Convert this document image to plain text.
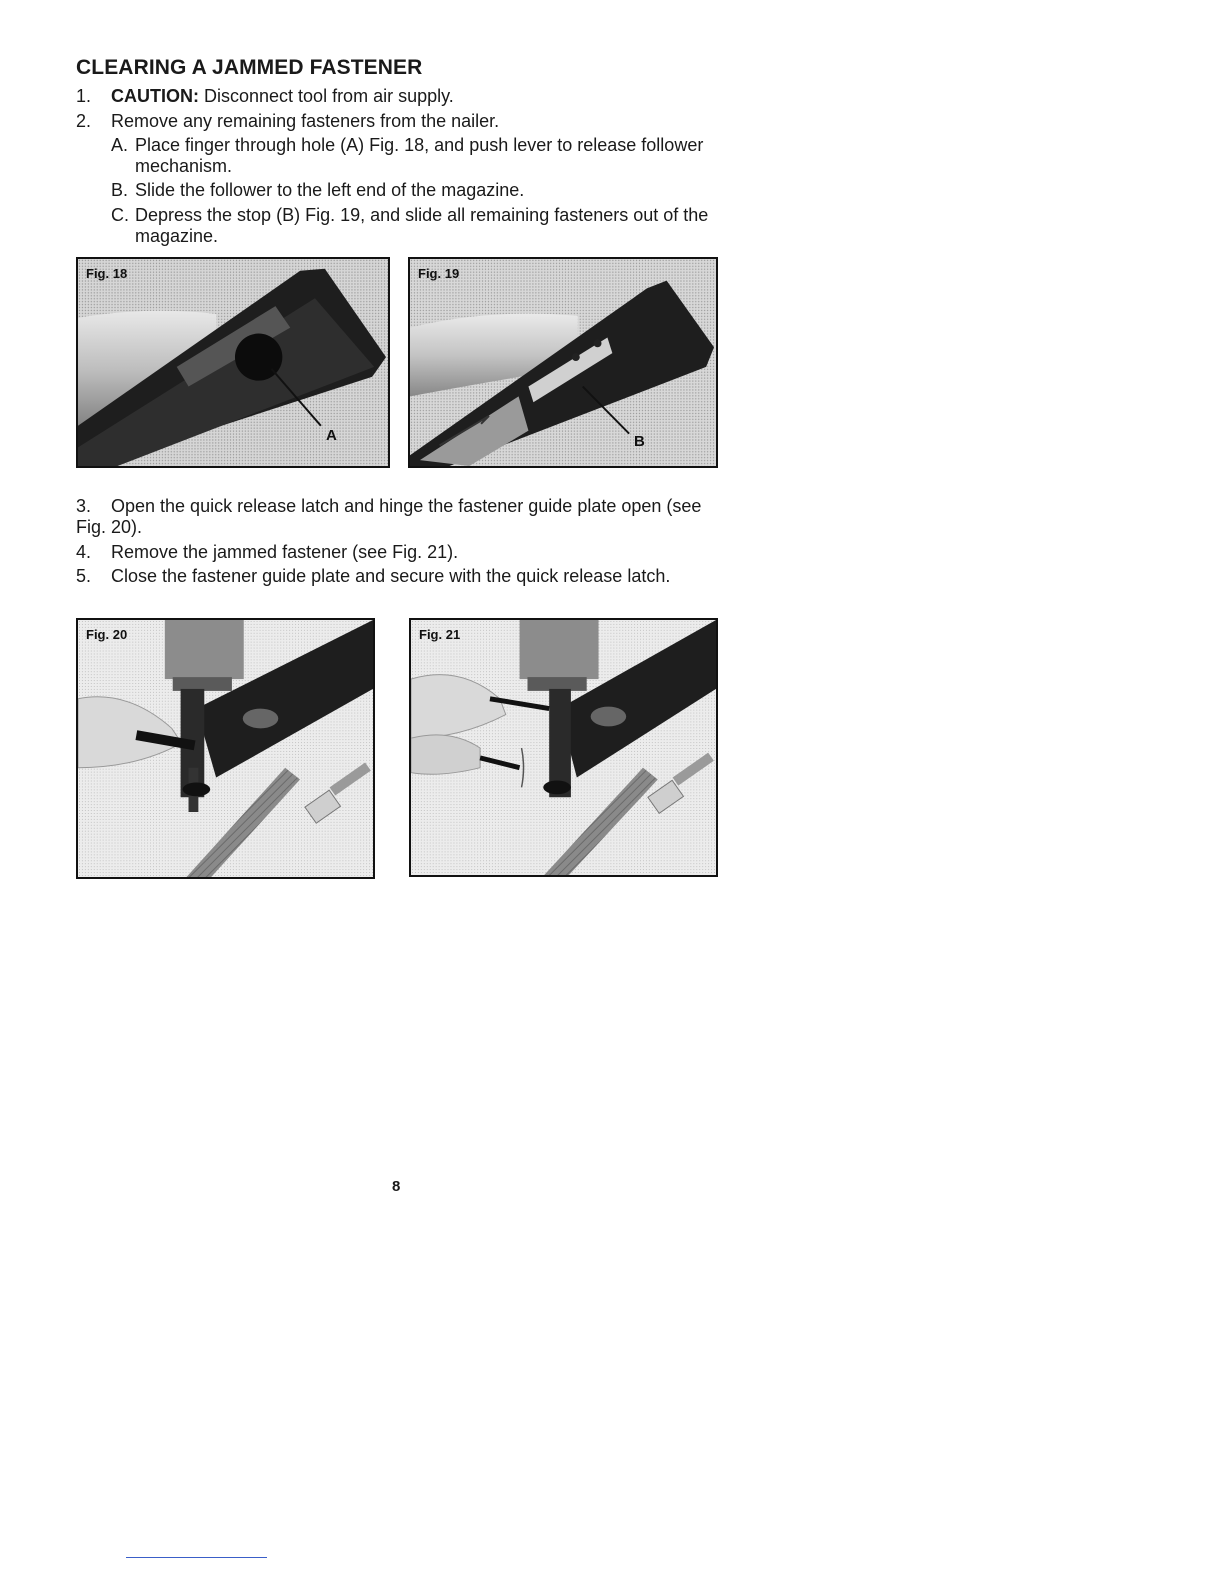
CLEARING A JAMMED FASTENER
1. CAUTION: Disconnect tool from air supply.
2. Remove any remaining fasteners from the nailer.
A. Place finger through hole (A) Fig. 18, and push lever to release follower
mechanism.
B. Slide the follower to the left end of the magazine.
C. Depress the stop (B) Fig. 19, and slide all remaining fasteners out of the
magazine.
Fig. 18
A
Fig. 19
B
3. Open the quick release latch and hinge the fastener guide plate open (see
Fig. 20).
4. Remove the jammed fastener (see Fig. 21).
5. Close the fastener guide plate and secure with the quick release latch.
Fig. 20	Fig. 21
8
